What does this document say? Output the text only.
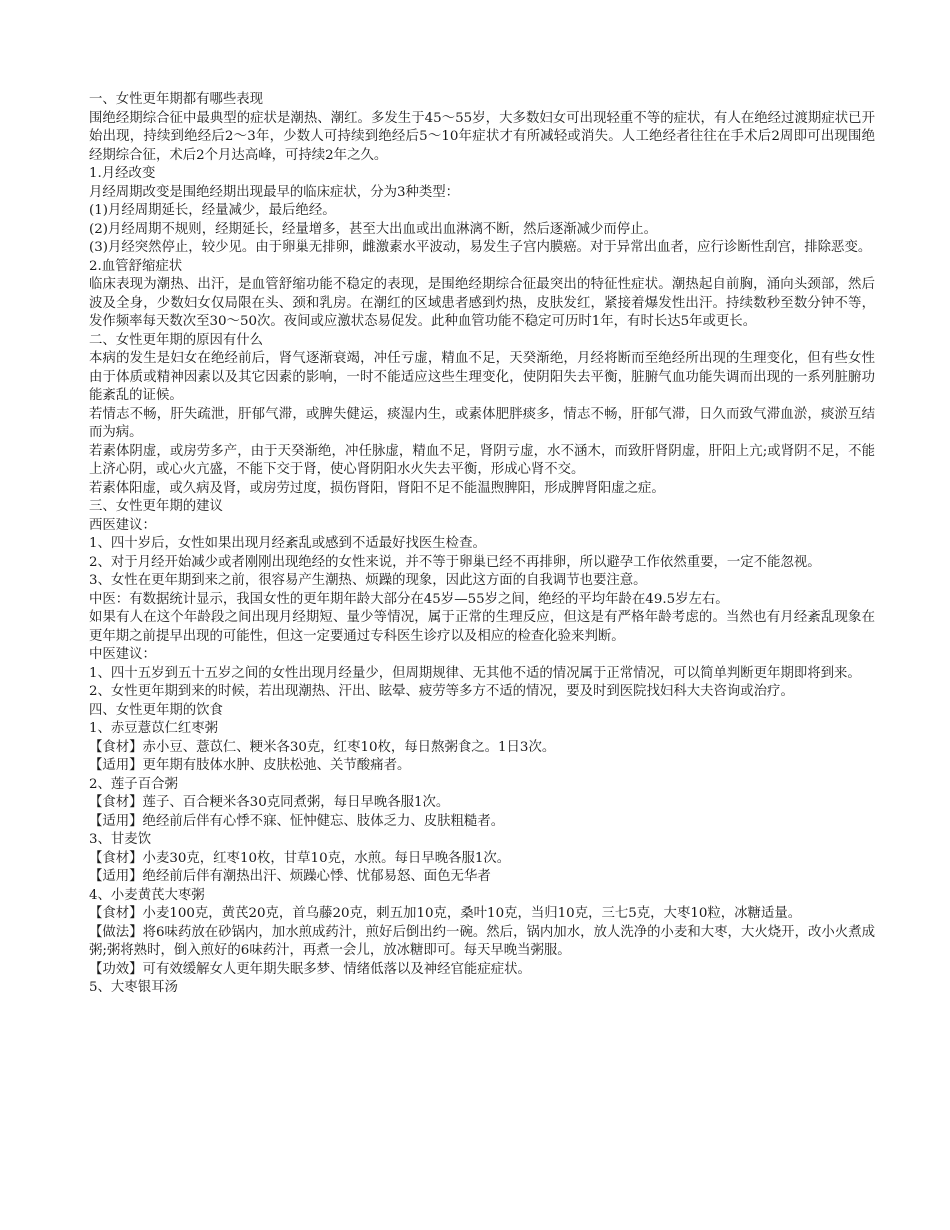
一、女性更年期都有哪些表现

围绝经期综合征中最典型的症状是潮热、潮红。多发生于45～55岁，大多数妇女可出现轻重不等的症状，有人在绝经过渡期症状已开始出现，持续到绝经后2～3年，少数人可持续到绝经后5～10年症状才有所减轻或消失。人工绝经者往往在手术后2周即可出现围绝经期综合征，术后2个月达高峰，可持续2年之久。

1.月经改变

月经周期改变是围绝经期出现最早的临床症状，分为3种类型：

(1)月经周期延长，经量减少，最后绝经。

(2)月经周期不规则，经期延长，经量增多，甚至大出血或出血淋漓不断，然后逐渐减少而停止。

(3)月经突然停止，较少见。由于卵巢无排卵，雌激素水平波动，易发生子宫内膜癌。对于异常出血者，应行诊断性刮宫，排除恶变。

2.血管舒缩症状

临床表现为潮热、出汗，是血管舒缩功能不稳定的表现，是围绝经期综合征最突出的特征性症状。潮热起自前胸，涌向头颈部，然后波及全身，少数妇女仅局限在头、颈和乳房。在潮红的区域患者感到灼热，皮肤发红，紧接着爆发性出汗。持续数秒至数分钟不等，发作频率每天数次至30～50次。夜间或应激状态易促发。此种血管功能不稳定可历时1年，有时长达5年或更长。

二、女性更年期的原因有什么

本病的发生是妇女在绝经前后，肾气逐渐衰竭，冲任亏虚，精血不足，天癸渐绝，月经将断而至绝经所出现的生理变化，但有些女性由于体质或精神因素以及其它因素的影响，一时不能适应这些生理变化，使阴阳失去平衡，脏腑气血功能失调而出现的一系列脏腑功能紊乱的证候。

若情志不畅，肝失疏泄，肝郁气滞，或脾失健运，痰湿内生，或素体肥胖痰多，情志不畅，肝郁气滞，日久而致气滞血淤，痰淤互结而为病。

若素体阴虚，或房劳多产，由于天癸渐绝，冲任脉虚，精血不足，肾阴亏虚，水不涵木，而致肝肾阴虚，肝阳上亢;或肾阴不足，不能上济心阴，或心火亢盛，不能下交于肾，使心肾阴阳水火失去平衡，形成心肾不交。

若素体阳虚，或久病及肾，或房劳过度，损伤肾阳，肾阳不足不能温煦脾阳，形成脾肾阳虚之症。

三、女性更年期的建议

西医建议：

1、四十岁后，女性如果出现月经紊乱或感到不适最好找医生检查。

2、对于月经开始减少或者刚刚出现绝经的女性来说，并不等于卵巢已经不再排卵，所以避孕工作依然重要，一定不能忽视。

3、女性在更年期到来之前，很容易产生潮热、烦躁的现象，因此这方面的自我调节也要注意。

中医：有数据统计显示，我国女性的更年期年龄大部分在45岁—55岁之间，绝经的平均年龄在49.5岁左右。

如果有人在这个年龄段之间出现月经期短、量少等情况，属于正常的生理反应，但这是有严格年龄考虑的。当然也有月经紊乱现象在更年期之前提早出现的可能性，但这一定要通过专科医生诊疗以及相应的检查化验来判断。

中医建议：

1、四十五岁到五十五岁之间的女性出现月经量少，但周期规律、无其他不适的情况属于正常情况，可以简单判断更年期即将到来。

2、女性更年期到来的时候，若出现潮热、汗出、眩晕、疲劳等多方不适的情况，要及时到医院找妇科大夫咨询或治疗。

四、女性更年期的饮食

1、赤豆薏苡仁红枣粥

【食材】赤小豆、薏苡仁、粳米各30克，红枣10枚，每日熬粥食之。1日3次。

【适用】更年期有肢体水肿、皮肤松弛、关节酸痛者。

2、莲子百合粥

【食材】莲子、百合粳米各30克同煮粥，每日早晚各服1次。

【适用】绝经前后伴有心悸不寐、怔忡健忘、肢体乏力、皮肤粗糙者。

3、甘麦饮

【食材】小麦30克，红枣10枚，甘草10克，水煎。每日早晚各服1次。

【适用】绝经前后伴有潮热出汗、烦躁心悸、忧郁易怒、面色无华者

4、小麦黄芪大枣粥

【食材】小麦100克，黄芪20克，首乌藤20克，刺五加10克，桑叶10克，当归10克，三七5克，大枣10粒，冰糖适量。

【做法】将6味药放在砂锅内，加水煎成药汁，煎好后倒出约一碗。然后，锅内加水，放人洗净的小麦和大枣，大火烧开，改小火煮成粥;粥将熟时，倒入煎好的6味药汁，再煮一会儿，放冰糖即可。每天早晚当粥服。

【功效】可有效缓解女人更年期失眠多梦、情绪低落以及神经官能症症状。

5、大枣银耳汤
